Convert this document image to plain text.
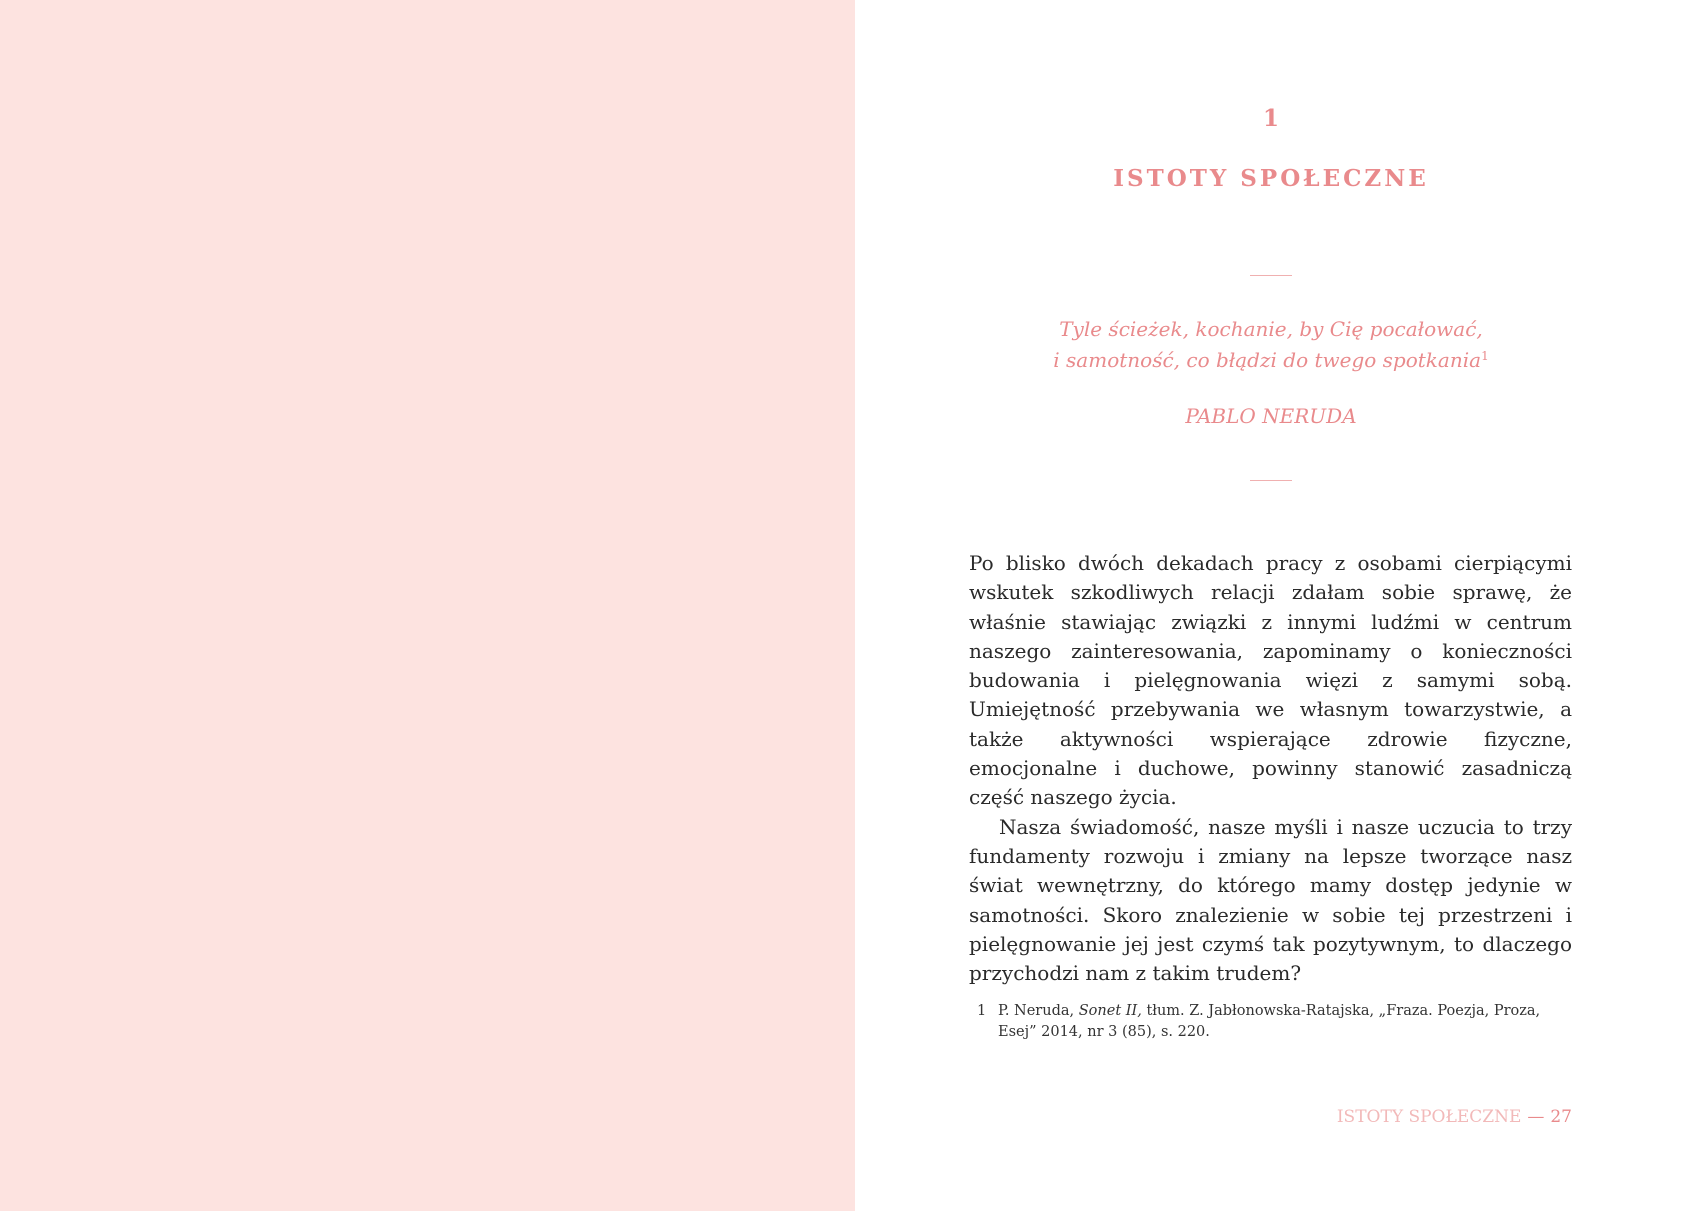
1
ISTOTY SPOŁECZNE
Tyle ścieżek, kochanie, by Cię pocałować,
i samotność, co błądzi do twego spotkania$^1$
PABLO NERUDA

Po blisko dwóch dekadach pracy z osobami cierpiącymi wskutek szkodliwych relacji zdałam sobie sprawę, że właśnie stawiając związki z innymi ludźmi w centrum naszego zainteresowania, zapominamy o konieczności budowania i pielęgnowania więzi z samymi sobą. Umiejętność przebywania we własnym towarzystwie, a także aktywności wspierające zdrowie fizyczne, emocjonalne i duchowe, powinny stanowić zasadniczą część naszego życia.

Nasza świadomość, nasze myśli i nasze uczucia to trzy fundamenty rozwoju i zmiany na lepsze tworzące nasz świat wewnętrzny, do którego mamy dostęp jedynie w samotności. Skoro znalezienie w sobie tej przestrzeni i pielęgnowanie jej jest czymś tak pozytywnym, to dlaczego przychodzi nam z takim trudem?

1 P. Neruda, Sonet II, tłum. Z. Jabłonowska-Ratajska, „Fraza. Poezja, Proza, Esej” 2014, nr 3 (85), s. 220.
ISTOTY SPOŁECZNE — 27
